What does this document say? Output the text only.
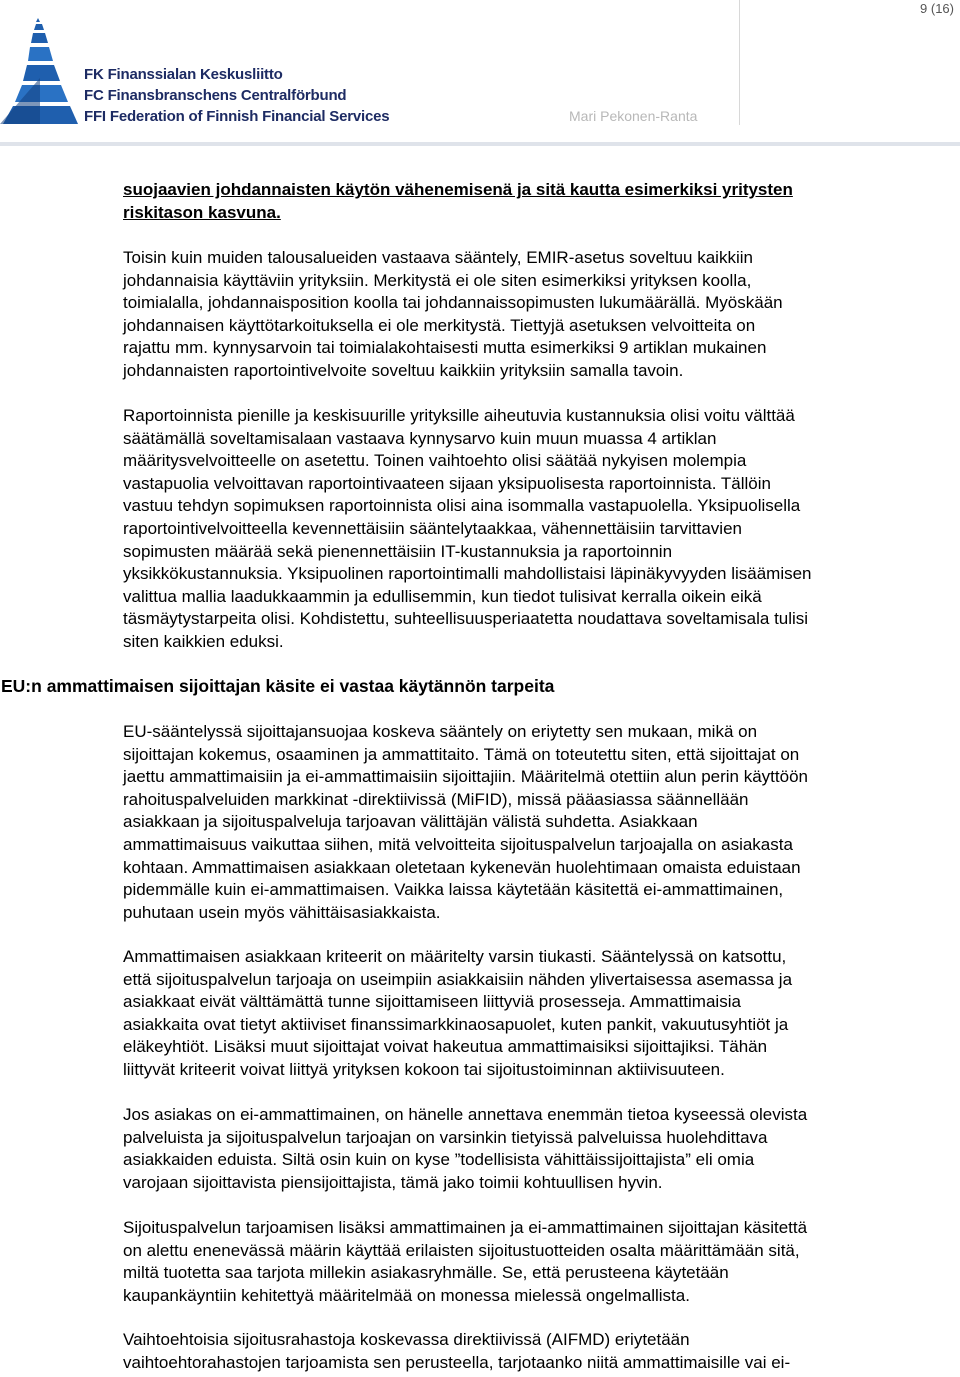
FK Finanssialan Keskusliitto
FC Finansbranschens Centralförbund
FFI Federation of Finnish Financial Services	Mari Pekonen-Ranta
9 (16)
suojaavien johdannaisten käytön vähenemisenä ja sitä kautta esimerkiksi yritysten
riskitason kasvuna.
Toisin kuin muiden talousalueiden vastaava sääntely, EMIR-asetus soveltuu kaikkiin
johdannaisia käyttäviin yrityksiin. Merkitystä ei ole siten esimerkiksi yrityksen koolla,
toimialalla, johdannaisposition koolla tai johdannaissopimusten lukumäärällä. Myöskään
johdannaisen käyttötarkoituksella ei ole merkitystä. Tiettyjä asetuksen velvoitteita on
rajattu mm. kynnysarvoin tai toimialakohtaisesti mutta esimerkiksi 9 artiklan mukainen
johdannaisten raportointivelvoite soveltuu kaikkiin yrityksiin samalla tavoin.
Raportoinnista pienille ja keskisuurille yrityksille aiheutuvia kustannuksia olisi voitu välttää
säätämällä soveltamisalaan vastaava kynnysarvo kuin muun muassa 4 artiklan
määritysvelvoitteelle on asetettu. Toinen vaihtoehto olisi säätää nykyisen molempia
vastapuolia velvoittavan raportointivaateen sijaan yksipuolisesta raportoinnista. Tällöin
vastuu tehdyn sopimuksen raportoinnista olisi aina isommalla vastapuolella. Yksipuolisella
raportointivelvoitteella kevennettäisiin sääntelytaakkaa, vähennettäisiin tarvittavien
sopimusten määrää sekä pienennettäisiin IT-kustannuksia ja raportoinnin
yksikkökustannuksia. Yksipuolinen raportointimalli mahdollistaisi läpinäkyvyyden lisäämisen
valittua mallia laadukkaammin ja edullisemmin, kun tiedot tulisivat kerralla oikein eikä
täsmäytystarpeita olisi. Kohdistettu, suhteellisuusperiaatetta noudattava soveltamisala tulisi
siten kaikkien eduksi.
EU:n ammattimaisen sijoittajan käsite ei vastaa käytännön tarpeita
EU-sääntelyssä sijoittajansuojaa koskeva sääntely on eriytetty sen mukaan, mikä on
sijoittajan kokemus, osaaminen ja ammattitaito. Tämä on toteutettu siten, että sijoittajat on
jaettu ammattimaisiin ja ei-ammattimaisiin sijoittajiin. Määritelmä otettiin alun perin käyttöön
rahoituspalveluiden markkinat -direktiivissä (MiFID), missä pääasiassa säännellään
asiakkaan ja sijoituspalveluja tarjoavan välittäjän välistä suhdetta. Asiakkaan
ammattimaisuus vaikuttaa siihen, mitä velvoitteita sijoituspalvelun tarjoajalla on asiakasta
kohtaan. Ammattimaisen asiakkaan oletetaan kykenevän huolehtimaan omaista eduistaan
pidemmälle kuin ei-ammattimaisen. Vaikka laissa käytetään käsitettä ei-ammattimainen,
puhutaan usein myös vähittäisasiakkaista.
Ammattimaisen asiakkaan kriteerit on määritelty varsin tiukasti. Sääntelyssä on katsottu,
että sijoituspalvelun tarjoaja on useimpiin asiakkaisiin nähden ylivertaisessa asemassa ja
asiakkaat eivät välttämättä tunne sijoittamiseen liittyviä prosesseja. Ammattimaisia
asiakkaita ovat tietyt aktiiviset finanssimarkkinaosapuolet, kuten pankit, vakuutusyhtiöt ja
eläkeyhtiöt. Lisäksi muut sijoittajat voivat hakeutua ammattimaisiksi sijoittajiksi. Tähän
liittyvät kriteerit voivat liittyä yrityksen kokoon tai sijoitustoiminnan aktiivisuuteen.
Jos asiakas on ei-ammattimainen, on hänelle annettava enemmän tietoa kyseessä olevista
palveluista ja sijoituspalvelun tarjoajan on varsinkin tietyissä palveluissa huolehdittava
asiakkaiden eduista. Siltä osin kuin on kyse ”todellisista vähittäissijoittajista” eli omia
varojaan sijoittavista piensijoittajista, tämä jako toimii kohtuullisen hyvin.
Sijoituspalvelun tarjoamisen lisäksi ammattimainen ja ei-ammattimainen sijoittajan käsitettä
on alettu enenevässä määrin käyttää erilaisten sijoitustuotteiden osalta määrittämään sitä,
miltä tuotetta saa tarjota millekin asiakasryhmälle. Se, että perusteena käytetään
kaupankäyntiin kehitettyä määritelmää on monessa mielessä ongelmallista.
Vaihtoehtoisia sijoitusrahastoja koskevassa direktiivissä (AIFMD) eriytetään
vaihtoehtorahastojen tarjoamista sen perusteella, tarjotaanko niitä ammattimaisille vai ei-
